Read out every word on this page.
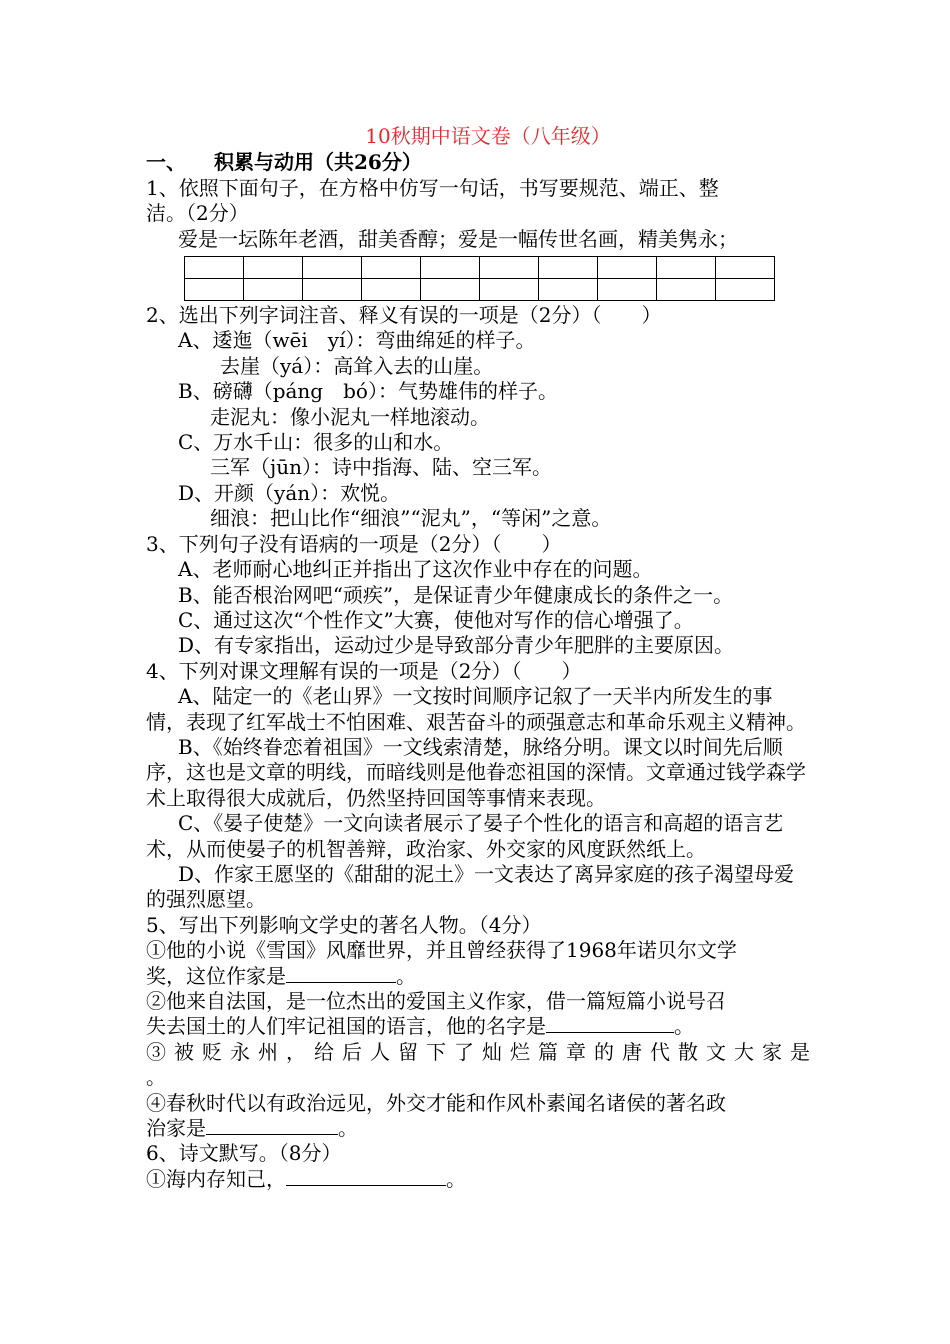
10秋期中语文卷（八年级）
一、 积累与动用（共26分）
1、依照下面句子，在方格中仿写一句话，书写要规范、端正、整
洁。（2分）
爱是一坛陈年老酒，甜美香醇；爱是一幅传世名画，精美隽永；

2、选出下列字词注音、释义有误的一项是（2分）（　　）
A、逶迤（wēi　yí）：弯曲绵延的样子。
去崖（yá）：高耸入去的山崖。
B、磅礴（páng　bó）：气势雄伟的样子。
走泥丸：像小泥丸一样地滚动。
C、万水千山：很多的山和水。
三军（jūn）：诗中指海、陆、空三军。
D、开颜（yán）：欢悦。
细浪：把山比作“细浪”“泥丸”，“等闲”之意。
3、下列句子没有语病的一项是（2分）（　　）
A、老师耐心地纠正并指出了这次作业中存在的问题。
B、能否根治网吧“顽疾”，是保证青少年健康成长的条件之一。
C、通过这次“个性作文”大赛，使他对写作的信心增强了。
D、有专家指出，运动过少是导致部分青少年肥胖的主要原因。
4、下列对课文理解有误的一项是（2分）（　　）
A、陆定一的《老山界》一文按时间顺序记叙了一天半内所发生的事情，表现了红军战士不怕困难、艰苦奋斗的顽强意志和革命乐观主义精神。
B、《始终眷恋着祖国》一文线索清楚，脉络分明。课文以时间先后顺序，这也是文章的明线，而暗线则是他眷恋祖国的深情。文章通过钱学森学术上取得很大成就后，仍然坚持回国等事情来表现。
C、《晏子使楚》一文向读者展示了晏子个性化的语言和高超的语言艺术，从而使晏子的机智善辩，政治家、外交家的风度跃然纸上。
D、作家王愿坚的《甜甜的泥土》一文表达了离异家庭的孩子渴望母爱的强烈愿望。
5、写出下列影响文学史的著名人物。（4分）
①他的小说《雪国》风靡世界，并且曾经获得了1968年诺贝尔文学
奖，这位作家是	。
②他来自法国，是一位杰出的爱国主义作家，借一篇短篇小说号召
失去国土的人们牢记祖国的语言，他的名字是	。
③被贬永州，给后人留下了灿烂篇章的唐代散文大家是
。
④春秋时代以有政治远见，外交才能和作风朴素闻名诸侯的著名政
治家是	。
6、诗文默写。（8分）
①海内存知己，	。
